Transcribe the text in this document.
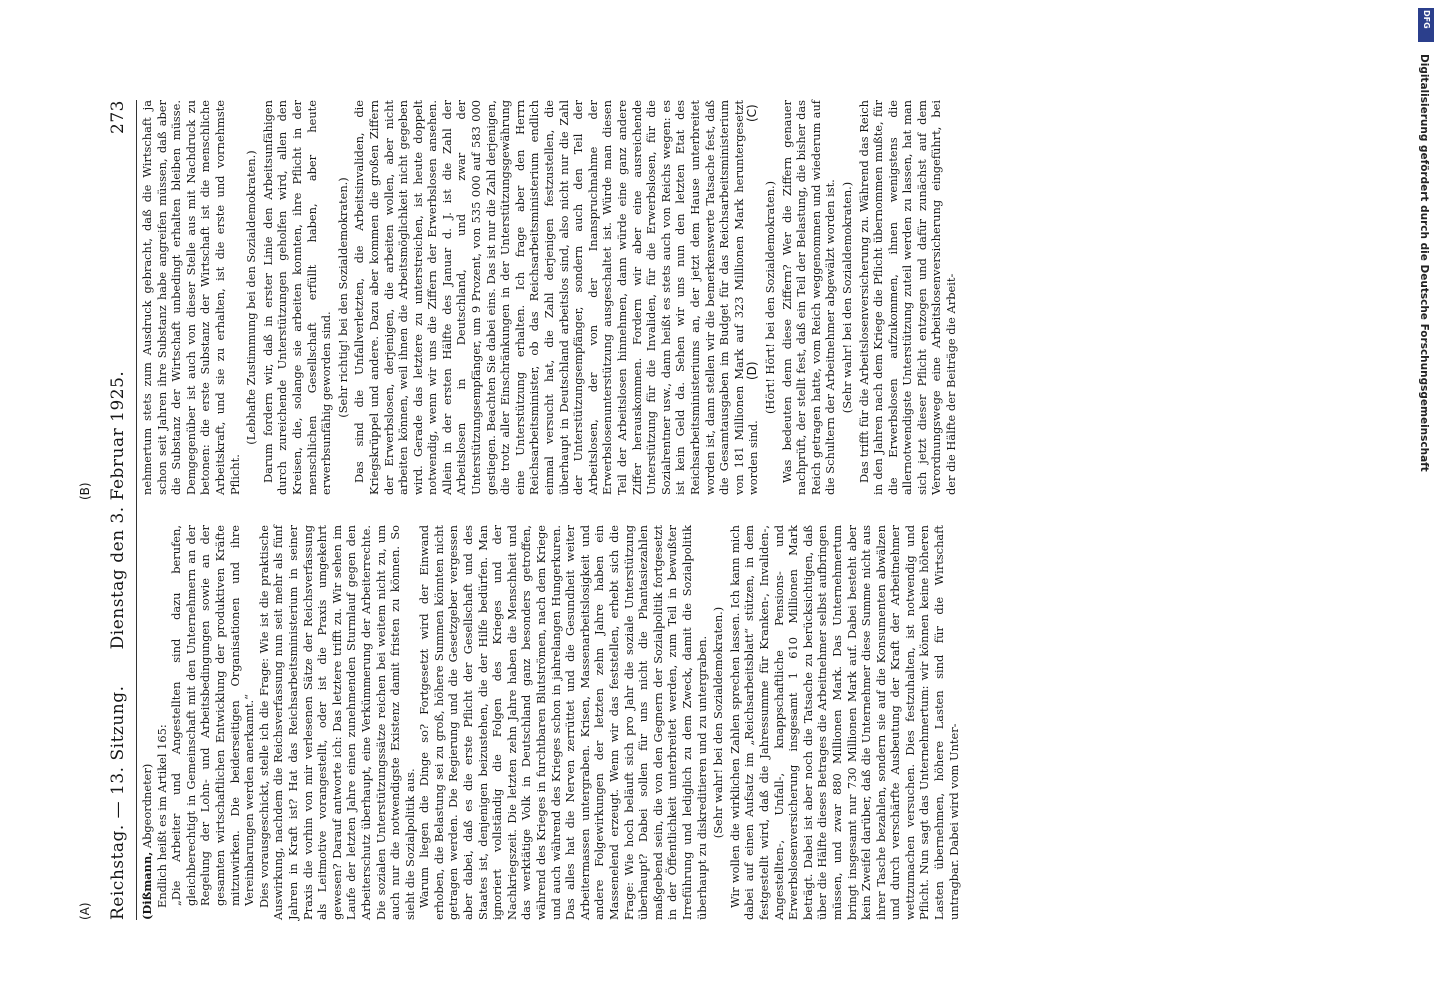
Reichstag. — 13. Sitzung.
Dienstag den 3. Februar 1925.
273

(Dißmann, Abgeordneter) Endlich heißt es im Artikel 165: „Die Arbeiter und Angestellten sind dazu berufen, gleichberechtigt in Gemeinschaft mit den Unternehmern an der Regelung der Lohn- und Arbeitsbedingungen sowie an der gesamten wirtschaftlichen Entwicklung der produktiven Kräfte mitzuwirken. Die beiderseitigen Organisationen und ihre Vereinbarungen werden anerkannt.“ Dies vorausgeschickt, stelle ich die Frage: Wie ist die praktische Auswirkung, nachdem die Reichsverfassung nun seit mehr als fünf Jahren in Kraft ist? Hat das Reichsarbeitsministerium in seiner Praxis die vorhin von mir verlesenen Sätze der Reichsverfassung als Leitmotive vorangestellt, oder ist die Praxis umgekehrt gewesen? Darauf antworte ich: Das letztere trifft zu. Wir sehen im Laufe der letzten Jahre einen zunehmenden Sturmlauf gegen den Arbeiterschutz überhaupt, eine Verkümmerung der Arbeiterrechte. Die sozialen Unterstützungssätze reichen bei weitem nicht zu, um auch nur die notwendigste Existenz damit fristen zu können. So sieht die Sozialpolitik aus. Warum liegen die Dinge so? Fortgesetzt wird der Einwand erhoben, die Belastung sei zu groß, höhere Summen könnten nicht getragen werden. Die Regierung und die Gesetzgeber vergessen aber dabei, daß es die erste Pflicht der Gesellschaft und des Staates ist, denjenigen beizustehen, die der Hilfe bedürfen. Man ignoriert vollständig die Folgen des Krieges und der Nachkriegszeit. Die letzten zehn Jahre haben die Menschheit und das werktätige Volk in Deutschland ganz besonders getroffen, während des Krieges in furchtbaren Blutströmen, nach dem Kriege und auch während des Krieges schon in jahrelangen Hungerkuren. Das alles hat die Nerven zerrüttet und die Gesundheit weiter Arbeitermassen untergraben. Krisen, Massenarbeitslosigkeit und andere Folgewirkungen der letzten zehn Jahre haben ein Massenelend erzeugt. Wenn wir das feststellen, erhebt sich die Frage: Wie hoch beläuft sich pro Jahr die soziale Unterstützung überhaupt? Dabei sollen für uns nicht die Phantasiezahlen maßgebend sein, die von den Gegnern der Sozialpolitik fortgesetzt in der Öffentlichkeit unterbreitet werden, zum Teil in bewußter Irreführung und lediglich zu dem Zweck, damit die Sozialpolitik überhaupt zu diskreditieren und zu untergraben. (Sehr wahr! bei den Sozialdemokraten.) Wir wollen die wirklichen Zahlen sprechen lassen. Ich kann mich dabei auf einen Aufsatz im „Reichsarbeitsblatt“ stützen, in dem festgestellt wird, daß die Jahressumme für Kranken-, Invaliden-, Angestellten-, Unfall-, knappschaftliche Pensions- und Erwerbslosenversicherung insgesamt 1 610 Millionen Mark beträgt. Dabei ist aber noch die Tatsache zu berücksichtigen, daß über die Hälfte dieses Betrages die Arbeitnehmer selbst aufbringen müssen, und zwar 880 Millionen Mark. Das Unternehmertum bringt insgesamt nur 730 Millionen Mark auf. Dabei besteht aber kein Zweifel darüber, daß die Unternehmer diese Summe nicht aus ihrer Tasche bezahlen, sondern sie auf die Konsumenten abwälzen und durch verschärfte Ausbeutung der Kraft der Arbeitnehmer wettzumachen versuchen. Dies festzuhalten, ist notwendig und Pflicht. Nun sagt das Unternehmertum: wir können keine höheren Lasten übernehmen, höhere Lasten sind für die Wirtschaft untragbar. Dabei wird vom Unter-

nehmertum stets zum Ausdruck gebracht, daß die Wirtschaft ja schon seit Jahren ihre Substanz habe angreifen müssen, daß aber die Substanz der Wirtschaft unbedingt erhalten bleiben müsse. Demgegenüber ist auch von dieser Stelle aus mit Nachdruck zu betonen: die erste Substanz der Wirtschaft ist die menschliche Arbeitskraft, und sie zu erhalten, ist die erste und vornehmste Pflicht.

(Lebhafte Zustimmung bei den Sozialdemokraten.) Darum fordern wir, daß in erster Linie den Arbeitsunfähigen durch zureichende Unterstützungen geholfen wird, allen den Kreisen, die, solange sie arbeiten konnten, ihre Pflicht in der menschlichen Gesellschaft erfüllt haben, aber heute erwerbsunfähig geworden sind. (Sehr richtig! bei den Sozialdemokraten.) Das sind die Unfallverletzten, die Arbeitsinvaliden, die Kriegskrüppel und andere. Dazu aber kommen die großen Ziffern der Erwerbslosen, derjenigen, die arbeiten wollen, aber nicht arbeiten können, weil ihnen die Arbeitsmöglichkeit nicht gegeben wird. Gerade das letztere zu unterstreichen, ist heute doppelt notwendig, wenn wir uns die Ziffern der Erwerbslosen ansehen. Allein in der ersten Hälfte des Januar d. J. ist die Zahl der Arbeitslosen in Deutschland, und zwar der Unterstützungsempfänger, um 9 Prozent, von 535 000 auf 583 000 gestiegen. Beachten Sie dabei eins. Das ist nur die Zahl derjenigen, die trotz aller Einschränkungen in der Unterstützungsgewährung eine Unterstützung erhalten. Ich frage aber den Herrn Reichsarbeitsminister, ob das Reichsarbeitsministerium endlich einmal versucht hat, die Zahl derjenigen festzustellen, die überhaupt in Deutschland arbeitslos sind, also nicht nur die Zahl der Unterstützungsempfänger, sondern auch den Teil der Arbeitslosen, der von der Inanspruchnahme der Erwerbslosenunterstützung ausgeschaltet ist. Würde man diesen Teil der Arbeitslosen hinnehmen, dann würde eine ganz andere Ziffer herauskommen. Fordern wir aber eine ausreichende Unterstützung für die Invaliden, für die Erwerbslosen, für die Sozialrentner usw., dann heißt es stets auch von Reichs wegen: es ist kein Geld da. Sehen wir uns nun den letzten Etat des Reichsarbeitsministeriums an, der jetzt dem Hause unterbreitet worden ist, dann stellen wir die bemerkenswerte Tatsache fest, daß die Gesamtausgaben im Budget für das Reichsarbeitsministerium von 181 Millionen Mark auf 323 Millionen Mark heruntergesetzt worden sind.

(Hört! Hört! bei den Sozialdemokraten.) Was bedeuten denn diese Ziffern? Wer die Ziffern genauer nachprüft, der stellt fest, daß ein Teil der Belastung, die bisher das Reich getragen hatte, vom Reich weggenommen und wiederum auf die Schultern der Arbeitnehmer abgewälzt worden ist. (Sehr wahr! bei den Sozialdemokraten.) Das trifft für die Arbeitslosenversicherung zu. Während das Reich in den Jahren nach dem Kriege die Pflicht übernommen mußte, für die Erwerbslosen aufzukommen, ihnen wenigstens die allernotwendigste Unterstützung zuteil werden zu lassen, hat man sich jetzt dieser Pflicht entzogen und dafür zunächst auf dem Verordnungswege eine Arbeitslosenversicherung eingeführt, bei der die Hälfte der Beiträge die Arbeit-

(A)
(B)
(C)
(D)
DFG
Digitalisierung gefördert durch die Deutsche Forschungsgemeinschaft
